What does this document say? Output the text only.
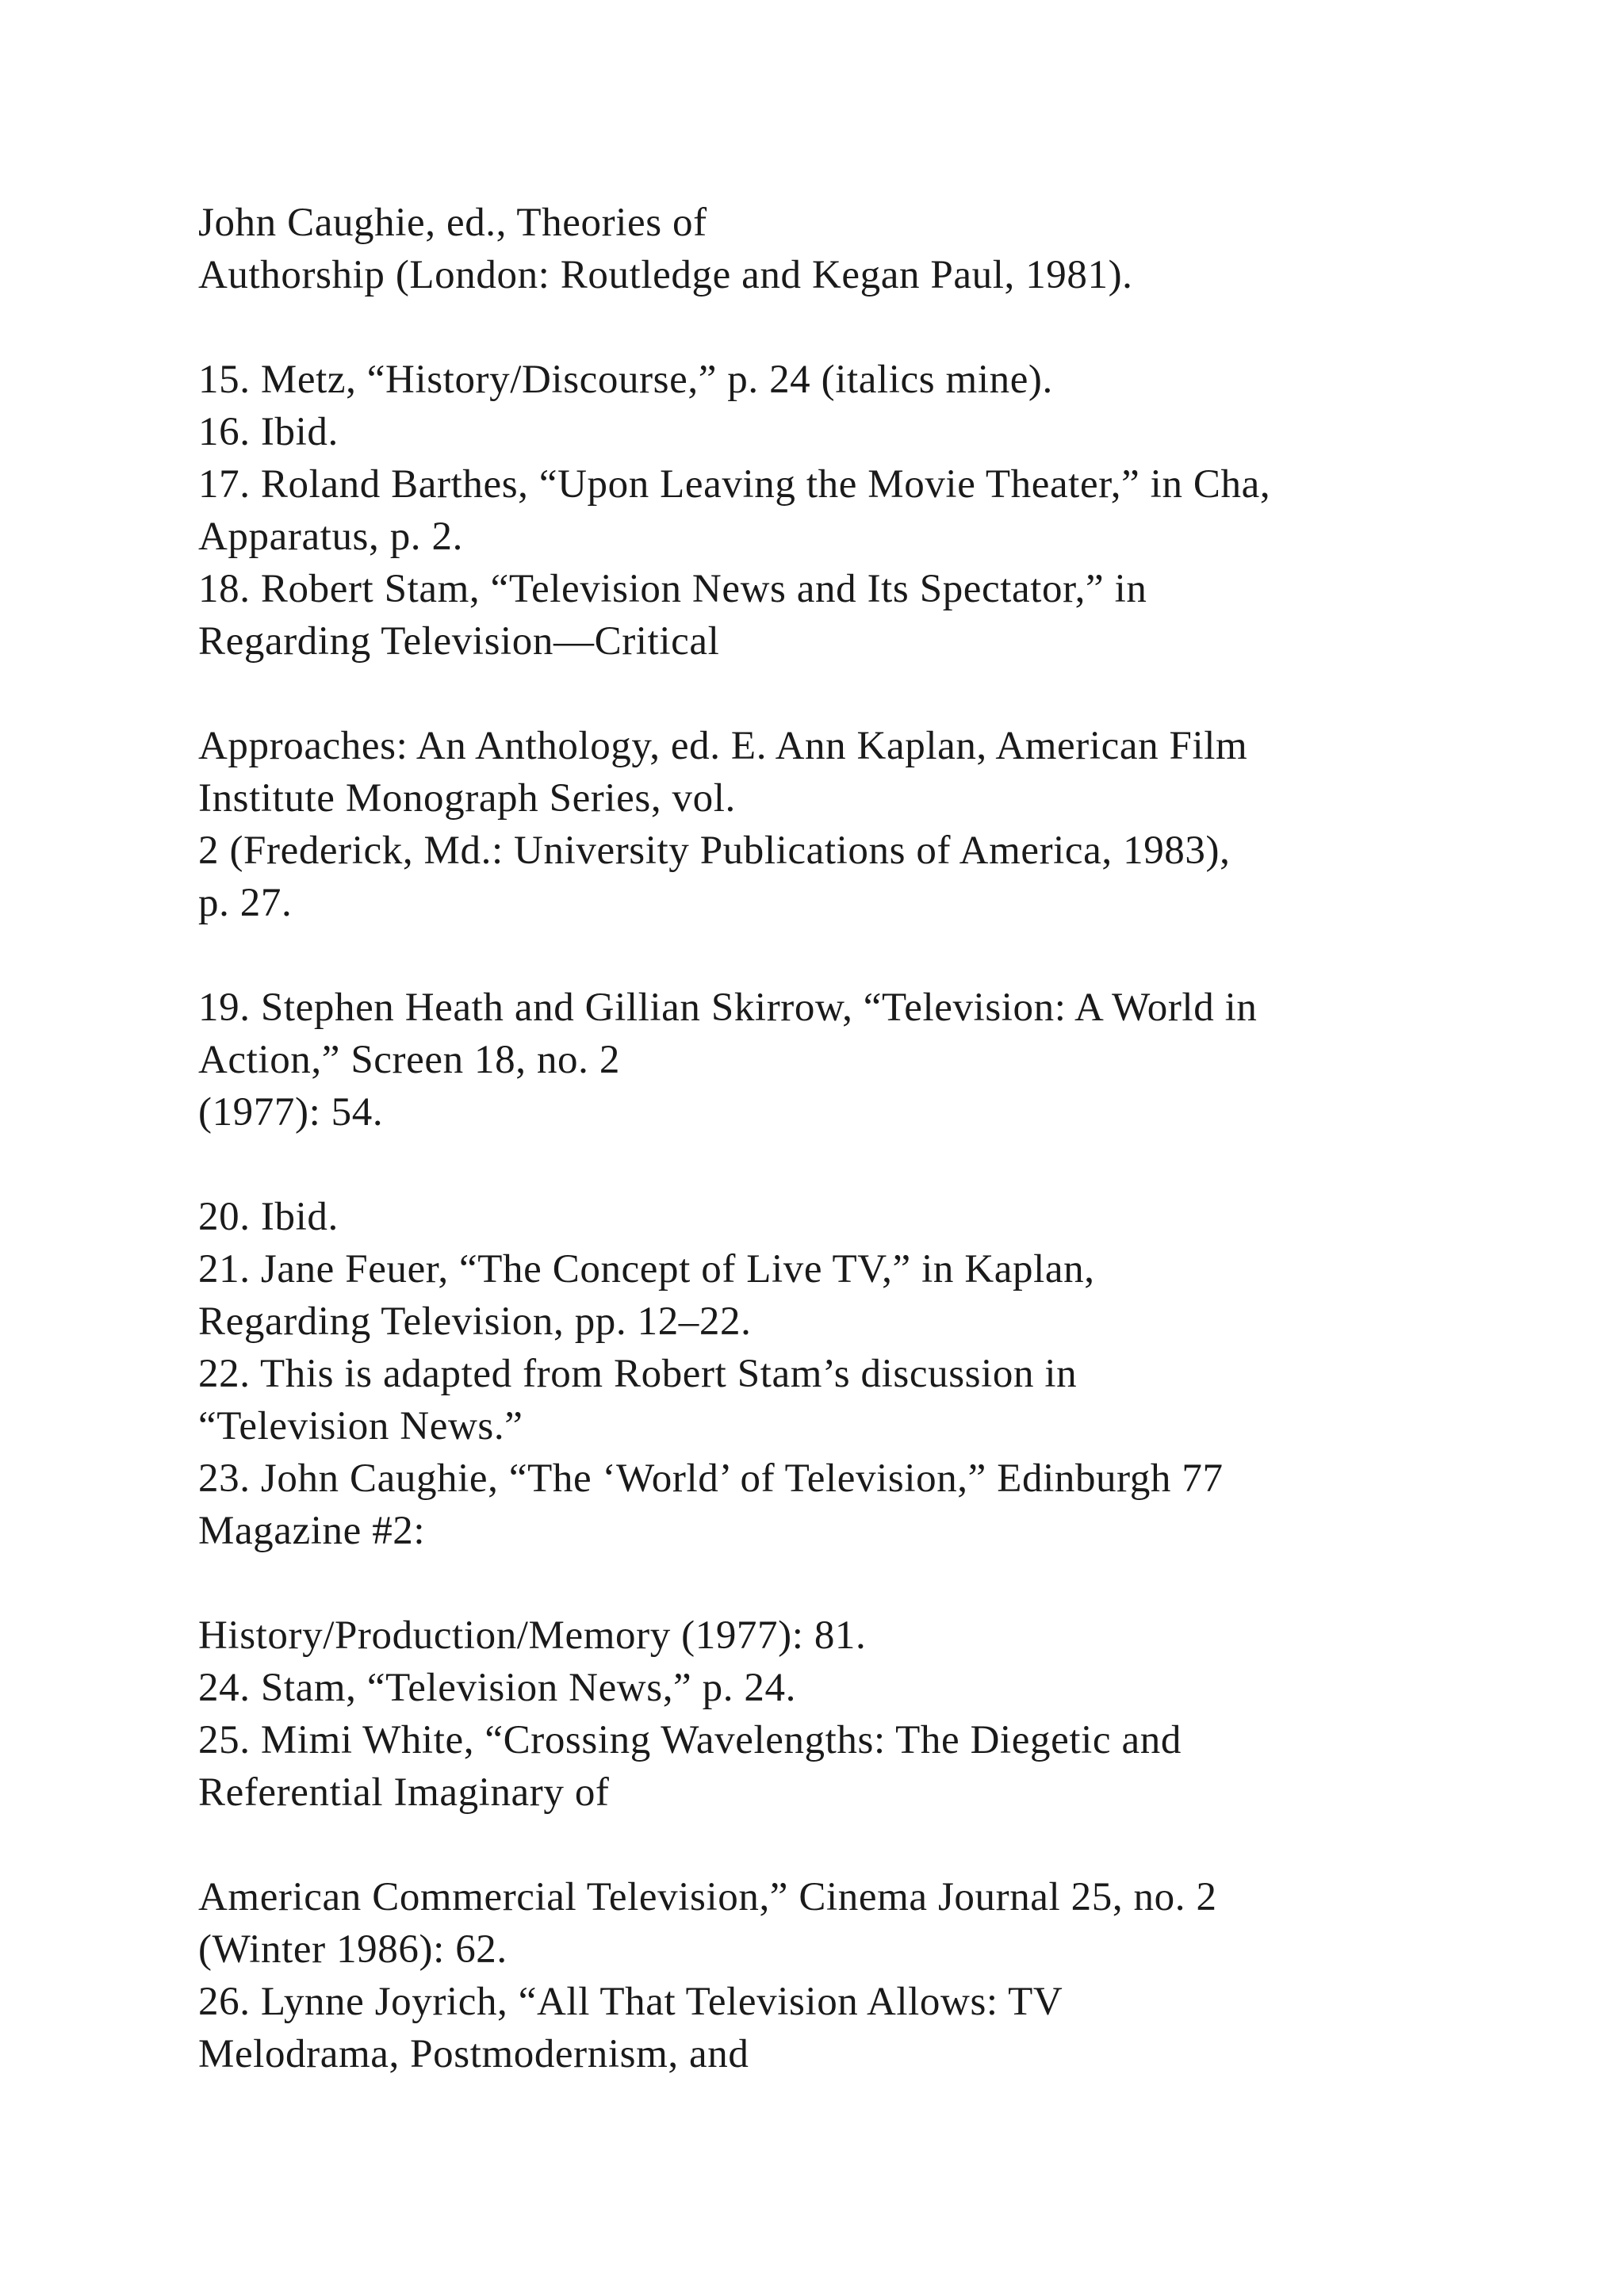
John Caughie, ed., Theories of
Authorship (London: Routledge and Kegan Paul, 1981).
15. Metz, “History/Discourse,” p. 24 (italics mine).
16. Ibid.
17. Roland Barthes, “Upon Leaving the Movie Theater,” in Cha,
Apparatus, p. 2.
18. Robert Stam, “Television News and Its Spectator,” in
Regarding Television—Critical
Approaches: An Anthology, ed. E. Ann Kaplan, American Film
Institute Monograph Series, vol.
2 (Frederick, Md.: University Publications of America, 1983),
p. 27.
19. Stephen Heath and Gillian Skirrow, “Television: A World in
Action,” Screen 18, no. 2
(1977): 54.
20. Ibid.
21. Jane Feuer, “The Concept of Live TV,” in Kaplan,
Regarding Television, pp. 12–22.
22. This is adapted from Robert Stam’s discussion in
“Television News.”
23. John Caughie, “The ‘World’ of Television,” Edinburgh 77
Magazine #2:
History/Production/Memory (1977): 81.
24. Stam, “Television News,” p. 24.
25. Mimi White, “Crossing Wavelengths: The Diegetic and
Referential Imaginary of
American Commercial Television,” Cinema Journal 25, no. 2
(Winter 1986): 62.
26. Lynne Joyrich, “All That Television Allows: TV
Melodrama, Postmodernism, and
